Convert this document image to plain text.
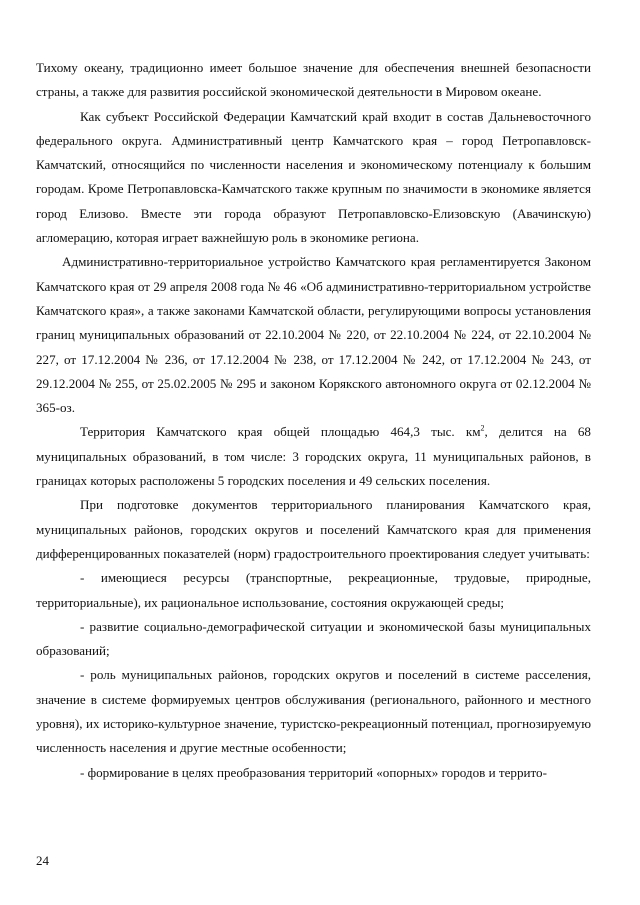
Тихому океану, традиционно имеет большое значение для обеспечения внешней безопасности страны, а также для развития российской экономической деятельности в Мировом океане.

Как субъект Российской Федерации Камчатский край входит в состав Дальневосточного федерального округа. Административный центр Камчатского края – город Петропавловск-Камчатский, относящийся по численности населения и экономическому потенциалу к большим городам. Кроме Петропавловска-Камчатского также крупным по значимости в экономике является город Елизово. Вместе эти города образуют Петропавловско-Елизовскую (Авачинскую) агломерацию, которая играет важнейшую роль в экономике региона.

Административно-территориальное устройство Камчатского края регламентируется Законом Камчатского края от 29 апреля 2008 года № 46 «Об административно-территориальном устройстве Камчатского края», а также законами Камчатской области, регулирующими вопросы установления границ муниципальных образований от 22.10.2004 № 220, от 22.10.2004 № 224, от 22.10.2004 № 227, от 17.12.2004 № 236, от 17.12.2004 № 238, от 17.12.2004 № 242, от 17.12.2004 № 243, от 29.12.2004 № 255, от 25.02.2005 № 295 и законом Корякского автономного округа от 02.12.2004 № 365-оз.

Территория Камчатского края общей площадью 464,3 тыс. $км^2$, делится на 68 муниципальных образований, в том числе: 3 городских округа, 11 муниципальных районов, в границах которых расположены 5 городских поселения и 49 сельских поселения.

При подготовке документов территориального планирования Камчатского края, муниципальных районов, городских округов и поселений Камчатского края для применения дифференцированных показателей (норм) градостроительного проектирования следует учитывать:

- имеющиеся ресурсы (транспортные, рекреационные, трудовые, природные, территориальные), их рациональное использование, состояния окружающей среды;

- развитие социально-демографической ситуации и экономической базы муниципальных образований;

- роль муниципальных районов, городских округов и поселений в системе расселения, значение в системе формируемых центров обслуживания (регионального, районного и местного уровня), их историко-культурное значение, туристско-рекреационный потенциал, прогнозируемую численность населения и другие местные особенности;

- формирование в целях преобразования территорий «опорных» городов и террито-

24
